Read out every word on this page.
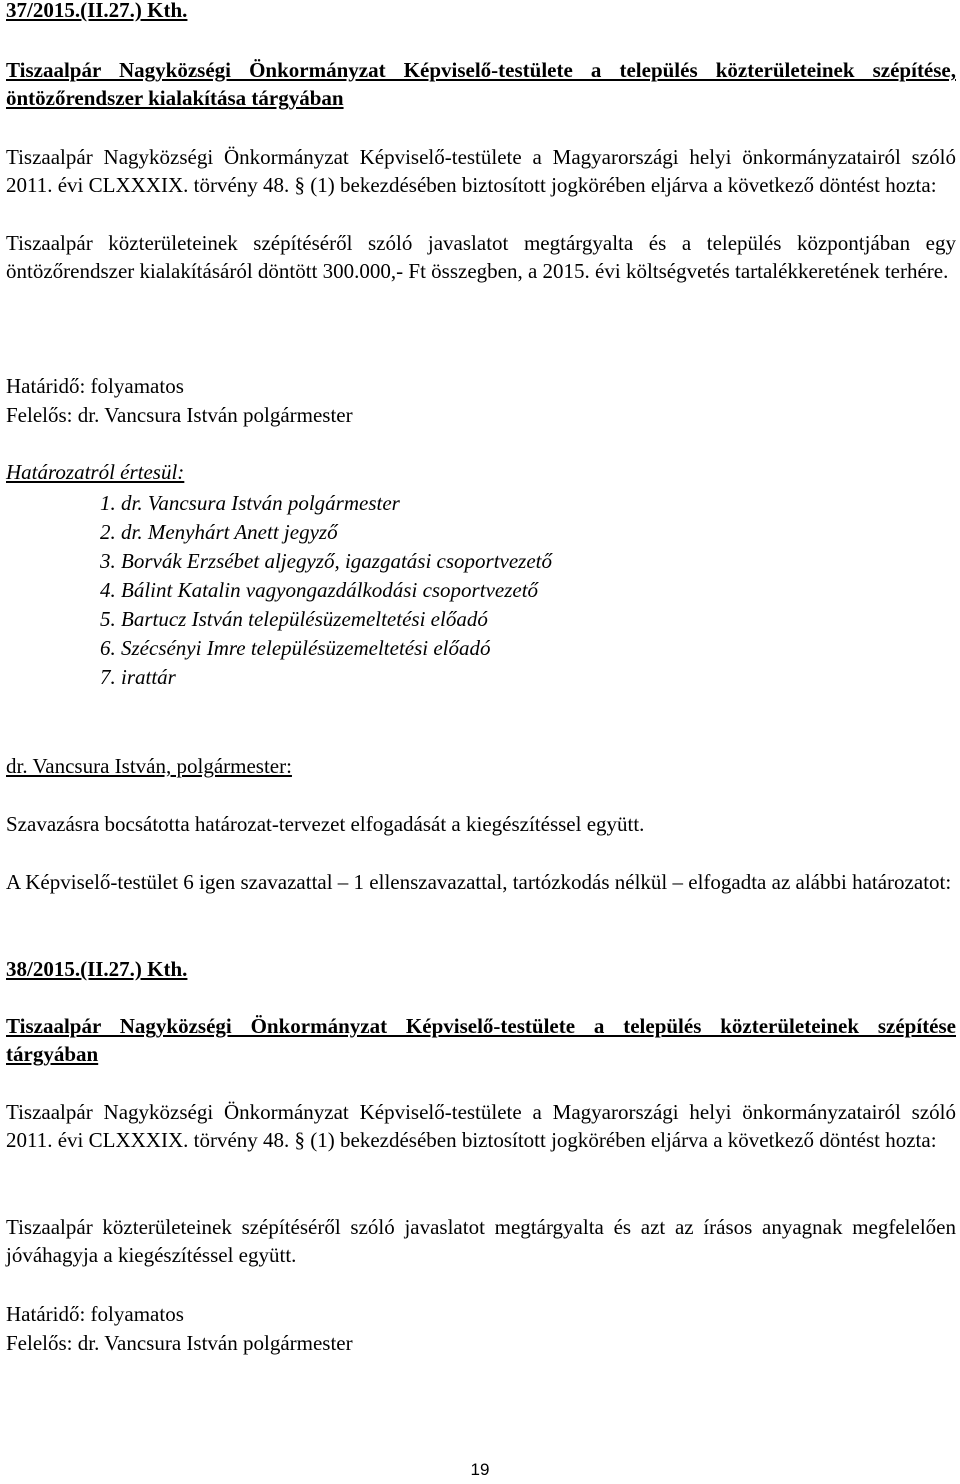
37/2015.(II.27.) Kth.

Tiszaalpár Nagyközségi Önkormányzat Képviselő-testülete a település közterületeinek szépítése, öntözőrendszer kialakítása tárgyában

Tiszaalpár Nagyközségi Önkormányzat Képviselő-testülete a Magyarországi helyi önkormányzatairól szóló 2011. évi CLXXXIX. törvény 48. § (1) bekezdésében biztosított jogkörében eljárva a következő döntést hozta:

Tiszaalpár közterületeinek szépítéséről szóló javaslatot megtárgyalta és a település központjában egy öntözőrendszer kialakításáról döntött 300.000,- Ft összegben, a 2015. évi költségvetés tartalékkeretének terhére.

Határidő: folyamatos

Felelős: dr. Vancsura István polgármester

Határozatról értesül:

1. dr. Vancsura István polgármester
2. dr. Menyhárt Anett jegyző
3. Borvák Erzsébet aljegyző, igazgatási csoportvezető
4. Bálint Katalin vagyongazdálkodási csoportvezető
5. Bartucz István településüzemeltetési előadó
6. Szécsényi Imre településüzemeltetési előadó
7. irattár

dr. Vancsura István, polgármester:

Szavazásra bocsátotta határozat-tervezet elfogadását a kiegészítéssel együtt.

A Képviselő-testület 6 igen szavazattal – 1 ellenszavazattal, tartózkodás nélkül – elfogadta az alábbi határozatot:

38/2015.(II.27.) Kth.

Tiszaalpár Nagyközségi Önkormányzat Képviselő-testülete a település közterületeinek szépítése tárgyában

Tiszaalpár Nagyközségi Önkormányzat Képviselő-testülete a Magyarországi helyi önkormányzatairól szóló 2011. évi CLXXXIX. törvény 48. § (1) bekezdésében biztosított jogkörében eljárva a következő döntést hozta:

Tiszaalpár közterületeinek szépítéséről szóló javaslatot megtárgyalta és azt az írásos anyagnak megfelelően jóváhagyja a kiegészítéssel együtt.

Határidő: folyamatos

Felelős: dr. Vancsura István polgármester

19
